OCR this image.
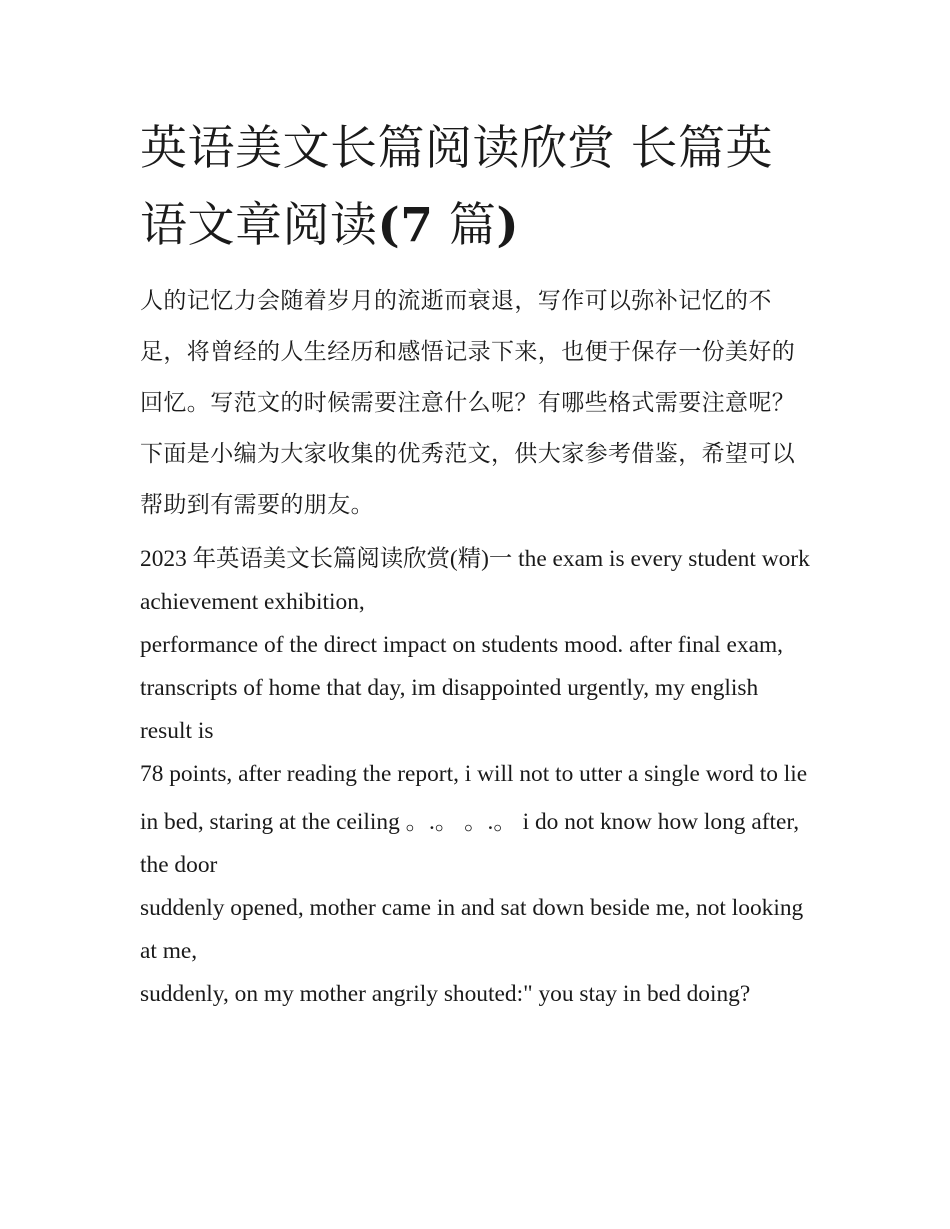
英语美文长篇阅读欣赏 长篇英语文章阅读(7 篇)

人的记忆力会随着岁月的流逝而衰退，写作可以弥补记忆的不足，将曾经的人生经历和感悟记录下来，也便于保存一份美好的回忆。写范文的时候需要注意什么呢？有哪些格式需要注意呢？下面是小编为大家收集的优秀范文，供大家参考借鉴，希望可以帮助到有需要的朋友。

2023 年英语美文长篇阅读欣赏(精)一 the exam is every student work achievement exhibition,

performance of the direct impact on students mood. after final exam,

transcripts of home that day, im disappointed urgently, my english result is

78 points, after reading the report, i will not to utter a single word to lie

in bed, staring at the ceiling 。.。 。.。 i do not know how long after, the door

suddenly opened, mother came in and sat down beside me, not looking at me,

suddenly, on my mother angrily shouted:" you stay in bed doing?
